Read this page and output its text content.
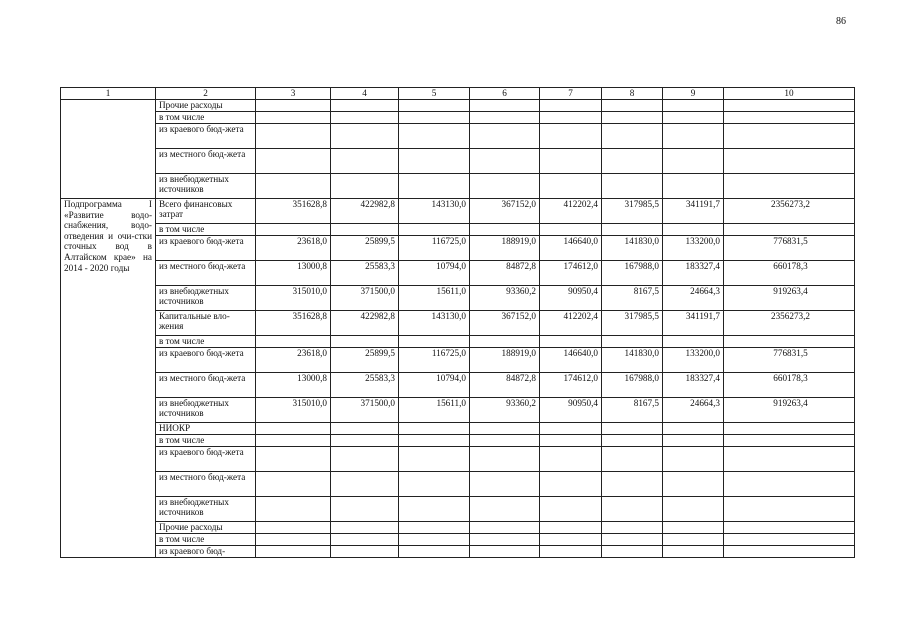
86
1	2	3	4	5	6	7	8	9	10
	Прочие расходы								
	в том числе								
	из краевого бюд-жета								
	из местного бюд-жета								
	из внебюджетных источников								
Подпрограмма I «Развитие водо-снабжения, водо-отведения и очи-стки сточных вод в Алтайском крае» на 2014 - 2020 годы	Всего финансовых затрат	351628,8	422982,8	143130,0	367152,0	412202,4	317985,5	341191,7	2356273,2
	в том числе								
	из краевого бюд-жета	23618,0	25899,5	116725,0	188919,0	146640,0	141830,0	133200,0	776831,5
	из местного бюд-жета	13000,8	25583,3	10794,0	84872,8	174612,0	167988,0	183327,4	660178,3
	из внебюджетных источников	315010,0	371500,0	15611,0	93360,2	90950,4	8167,5	24664,3	919263,4
	Капитальные вло-жения	351628,8	422982,8	143130,0	367152,0	412202,4	317985,5	341191,7	2356273,2
	в том числе								
	из краевого бюд-жета	23618,0	25899,5	116725,0	188919,0	146640,0	141830,0	133200,0	776831,5
	из местного бюд-жета	13000,8	25583,3	10794,0	84872,8	174612,0	167988,0	183327,4	660178,3
	из внебюджетных источников	315010,0	371500,0	15611,0	93360,2	90950,4	8167,5	24664,3	919263,4
	НИОКР								
	в том числе								
	из краевого бюд-жета								
	из местного бюд-жета								
	из внебюджетных источников								
	Прочие расходы								
	в том числе								
	из краевого бюд-								
